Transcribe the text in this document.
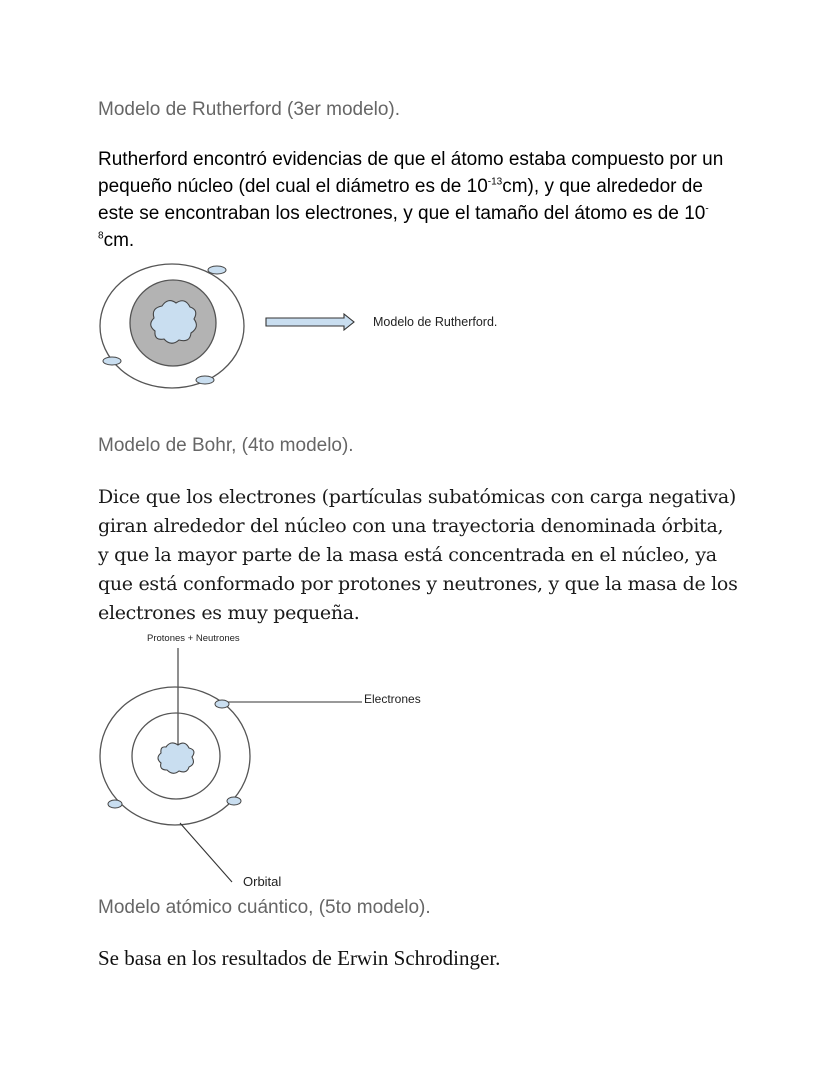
Modelo de Rutherford (3er modelo).
Rutherford encontró evidencias de que el átomo estaba compuesto por un pequeño núcleo (del cual el diámetro es de $10^{-13}cm$), y que alrededor de este se encontraban los electrones, y que el tamaño del átomo es de $10^{-8}cm$.
Modelo de Rutherford.
Modelo de Bohr, (4to modelo).
Dice que los electrones (partículas subatómicas con carga negativa) giran alrededor del núcleo con una trayectoria denominada órbita, y que la mayor parte de la masa está concentrada en el núcleo, ya que está conformado por protones y neutrones, y que la masa de los electrones es muy pequeña.
Protones + Neutrones
Electrones
Orbital
Modelo atómico cuántico, (5to modelo).
Se basa en los resultados de Erwin Schrodinger.
